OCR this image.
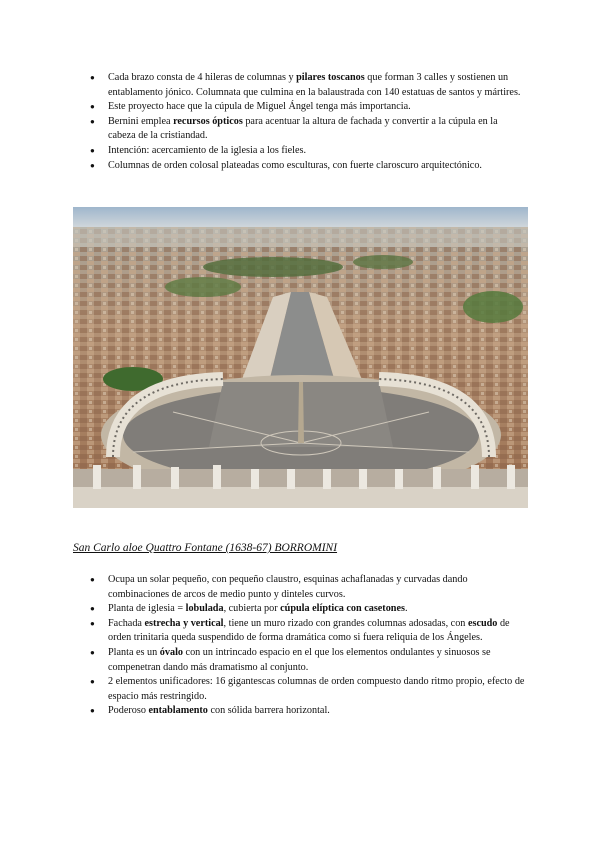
● Cada brazo consta de 4 hileras de columnas y pilares toscanos que forman 3 calles y sostienen un entablamento jónico. Columnata que culmina en la balaustrada con 140 estatuas de santos y mártires.
● Este proyecto hace que la cúpula de Miguel Ángel tenga más importancia.
● Bernini emplea recursos ópticos para acentuar la altura de fachada y convertir a la cúpula en la cabeza de la cristiandad.
● Intención: acercamiento de la iglesia a los fieles.
● Columnas de orden colosal plateadas como esculturas, con fuerte claroscuro arquitectónico.
San Carlo aloe Quattro Fontane (1638-67) BORROMINI
● Ocupa un solar pequeño, con pequeño claustro, esquinas achaflanadas y curvadas dando combinaciones de arcos de medio punto y dinteles curvos.
● Planta de iglesia = lobulada, cubierta por cúpula elíptica con casetones.
● Fachada estrecha y vertical, tiene un muro rizado con grandes columnas adosadas, con escudo de orden trinitaria queda suspendido de forma dramática como si fuera reliquia de los Ángeles.
● Planta es un óvalo con un intrincado espacio en el que los elementos ondulantes y sinuosos se compenetran dando más dramatismo al conjunto.
● 2 elementos unificadores: 16 gigantescas columnas de orden compuesto dando ritmo propio, efecto de espacio más restringido.
● Poderoso entablamento con sólida barrera horizontal.
